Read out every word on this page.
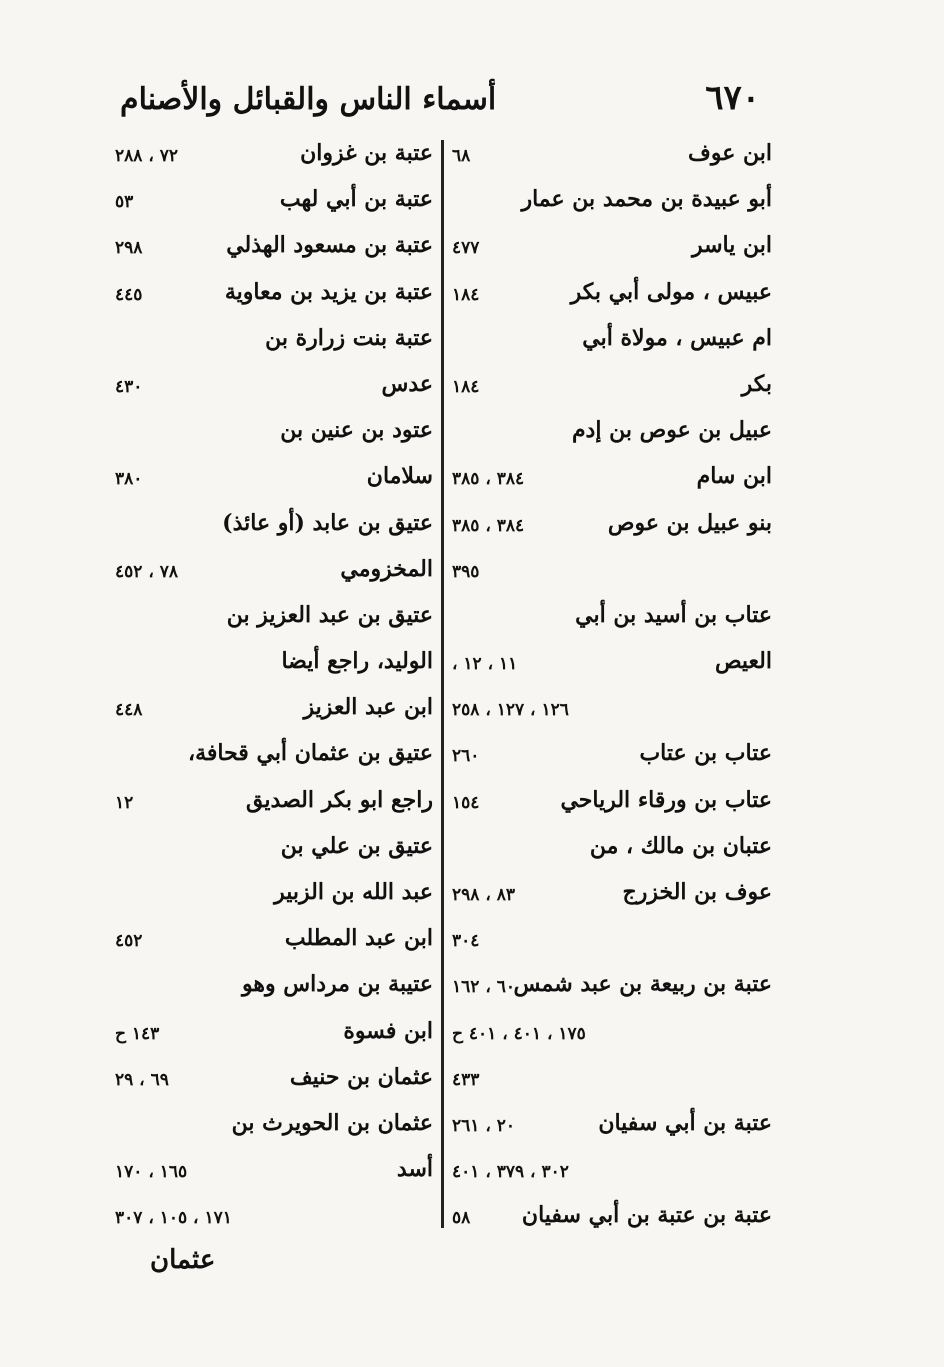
٦٧٠
أسماء الناس والقبائل والأصنام
ابن عوف
٦٨
أبو عبيدة بن محمد بن عمار
ابن ياسر
٤٧٧
عبيس ، مولى أبي بكر
١٨٤
ام عبيس ، مولاة أبي
بكر
١٨٤
عبيل بن عوص بن إدم
ابن سام
٣٨٤ ، ٣٨٥
بنو عبيل بن عوص
٣٨٤ ، ٣٨٥
٣٩٥
عتاب بن أسيد بن أبي
العيص
١١ ، ١٢ ،
١٢٦ ، ١٢٧ ، ٢٥٨
عتاب بن عتاب
٢٦٠
عتاب بن ورقاء الرياحي
١٥٤
عتبان بن مالك ، من
عوف بن الخزرج
٨٣ ، ٢٩٨
٣٠٤
عتبة بن ربيعة بن عبد شمس
٦٠ ، ١٦٢
١٧٥ ، ٤٠١ ، ٤٠١ ح
٤٣٣
عتبة بن أبي سفيان
٢٠ ، ٢٦١
٣٠٢ ، ٣٧٩ ، ٤٠١
عتبة بن عتبة بن أبي سفيان
٥٨
عتبة بن غزوان
٧٢ ، ٢٨٨
عتبة بن أبي لهب
٥٣
عتبة بن مسعود الهذلي
٢٩٨
عتبة بن يزيد بن معاوية
٤٤٥
عتبة بنت زرارة بن
عدس
٤٣٠
عتود بن عنين بن
سلامان
٣٨٠
عتيق بن عابد (أو عائذ)
المخزومي
٧٨ ، ٤٥٢
عتيق بن عبد العزيز بن
الوليد، راجع أيضا
ابن عبد العزيز
٤٤٨
عتيق بن عثمان أبي قحافة،
راجع ابو بكر الصديق
١٢
عتيق بن علي بن
عبد الله بن الزبير
ابن عبد المطلب
٤٥٢
عتيبة بن مرداس وهو
ابن فسوة
١٤٣ ح
عثمان بن حنيف
٦٩ ، ٢٩
عثمان بن الحويرث بن
أسد
١٦٥ ، ١٧٠
١٧١ ، ١٠٥ ، ٣٠٧
عثمان
